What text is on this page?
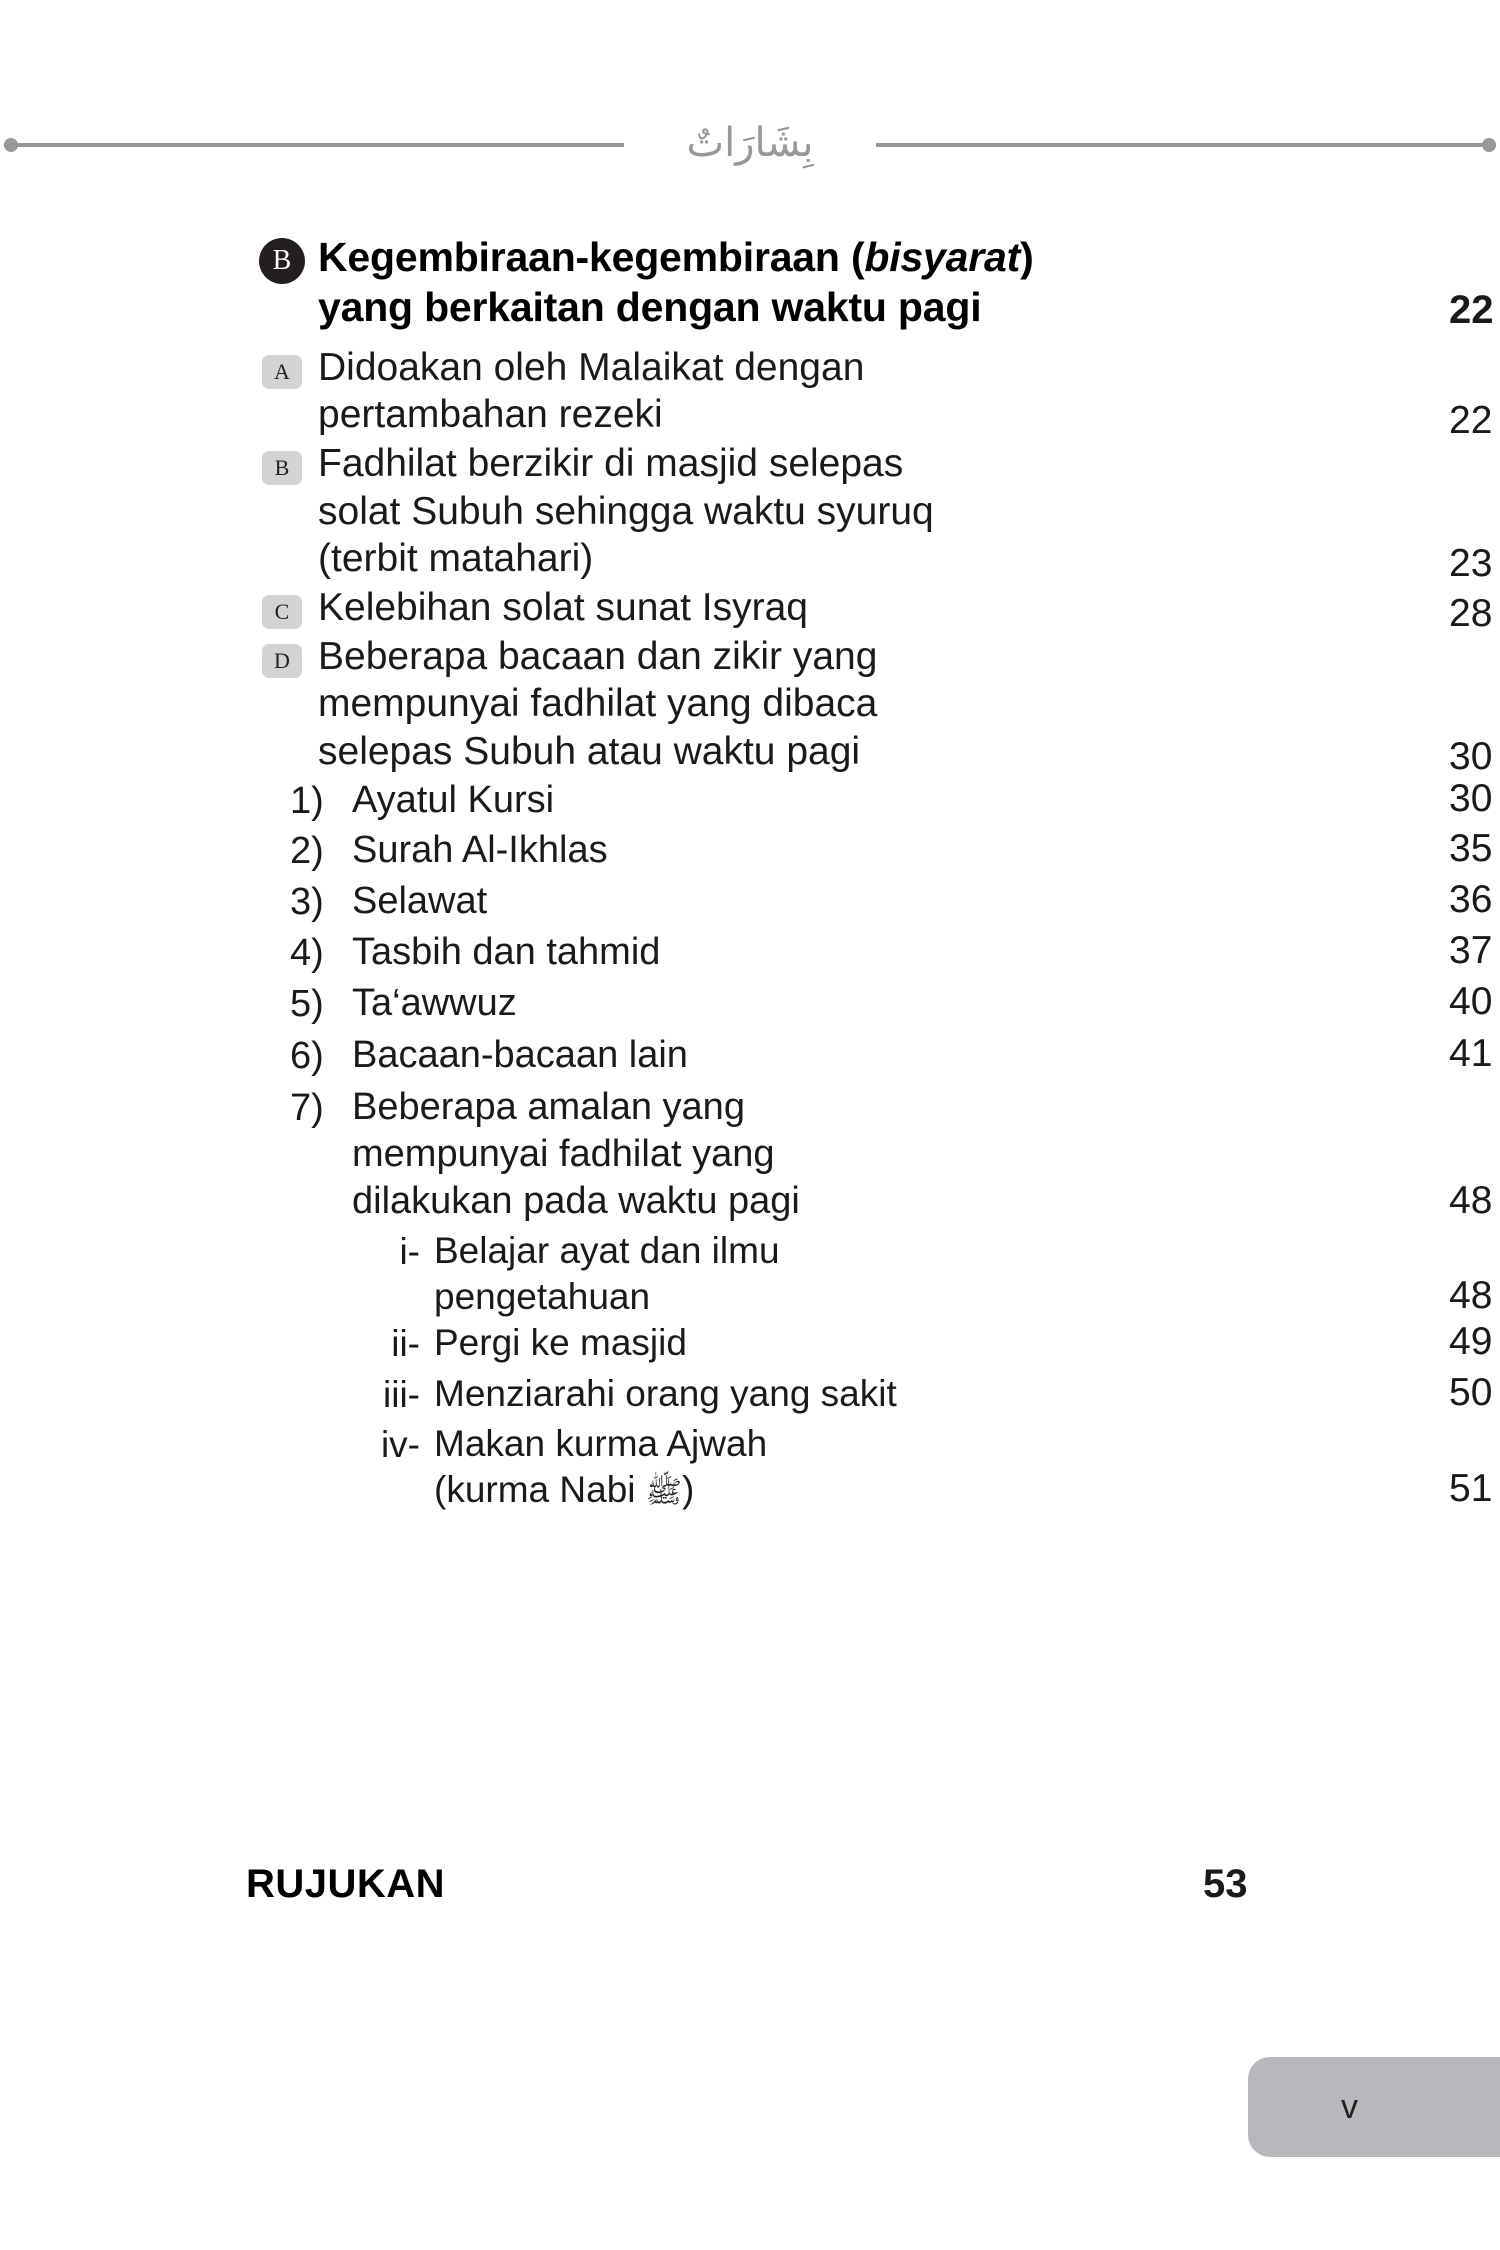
بِشَارَاتٌ
B Kegembiraan-kegembiraan (bisyarat)
yang berkaitan dengan waktu pagi	22
A Didoakan oleh Malaikat dengan
pertambahan rezeki	22
B Fadhilat berzikir di masjid selepas
solat Subuh sehingga waktu syuruq
(terbit matahari)	23
C Kelebihan solat sunat Isyraq	28
D Beberapa bacaan dan zikir yang
mempunyai fadhilat yang dibaca
selepas Subuh atau waktu pagi	30
1) Ayatul Kursi	30
2) Surah Al-Ikhlas	35
3) Selawat	36
4) Tasbih dan tahmid	37
5) Ta‘awwuz	40
6) Bacaan-bacaan lain	41
7) Beberapa amalan yang
mempunyai fadhilat yang
dilakukan pada waktu pagi	48
i- Belajar ayat dan ilmu
pengetahuan	48
ii- Pergi ke masjid	49
iii- Menziarahi orang yang sakit	50
iv- Makan kurma Ajwah
(kurma Nabi ﷺ)	51
RUJUKAN	53
v
